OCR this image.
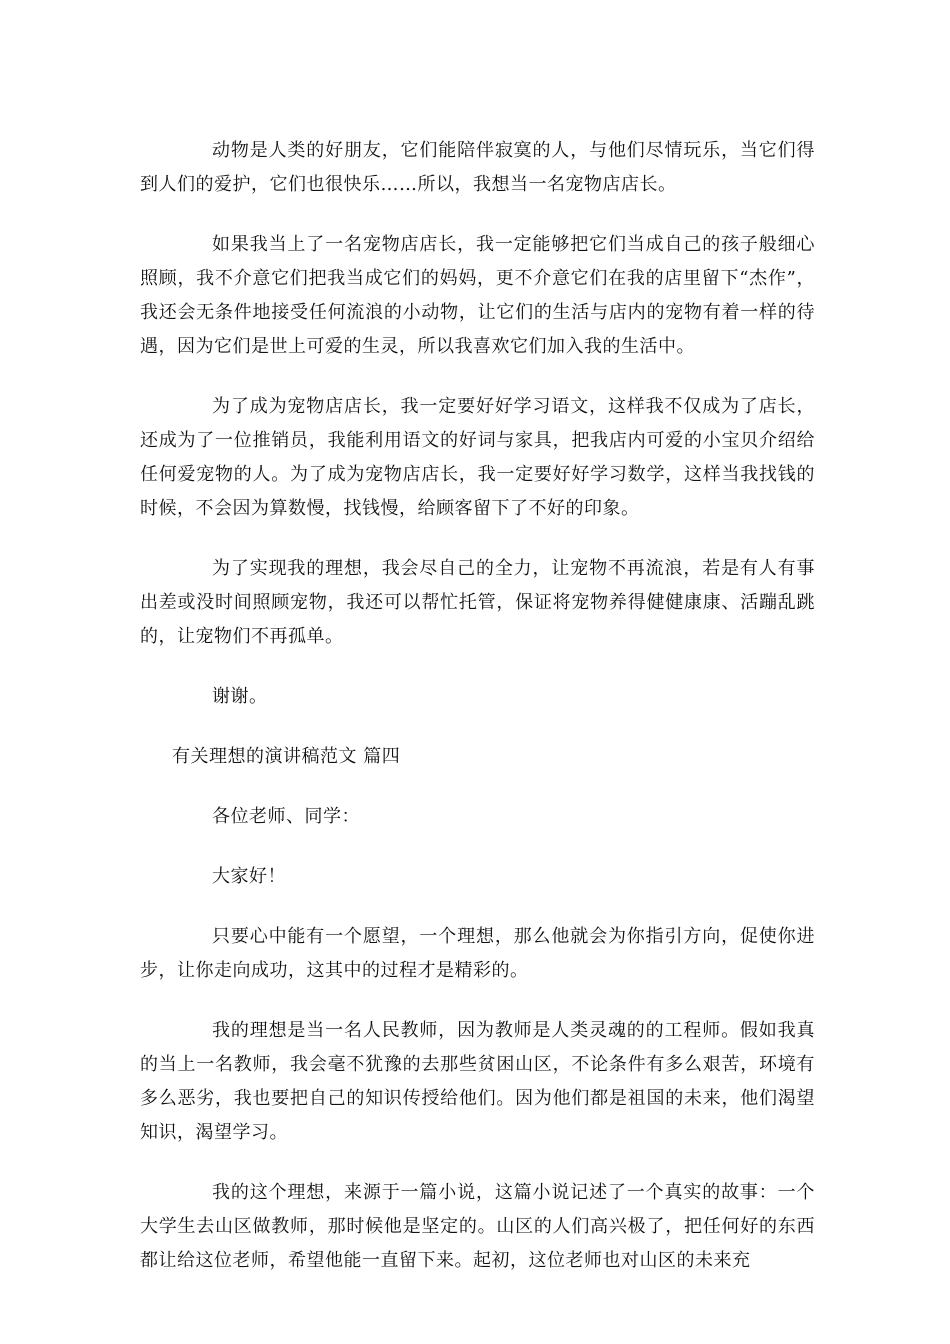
动物是人类的好朋友，它们能陪伴寂寞的人，与他们尽情玩乐，当它们得到人们的爱护，它们也很快乐……所以，我想当一名宠物店店长。

如果我当上了一名宠物店店长，我一定能够把它们当成自己的孩子般细心照顾，我不介意它们把我当成它们的妈妈，更不介意它们在我的店里留下“杰作”，我还会无条件地接受任何流浪的小动物，让它们的生活与店内的宠物有着一样的待遇，因为它们是世上可爱的生灵，所以我喜欢它们加入我的生活中。

为了成为宠物店店长，我一定要好好学习语文，这样我不仅成为了店长，还成为了一位推销员，我能利用语文的好词与家具，把我店内可爱的小宝贝介绍给任何爱宠物的人。为了成为宠物店店长，我一定要好好学习数学，这样当我找钱的时候，不会因为算数慢，找钱慢，给顾客留下了不好的印象。

为了实现我的理想，我会尽自己的全力，让宠物不再流浪，若是有人有事出差或没时间照顾宠物，我还可以帮忙托管，保证将宠物养得健健康康、活蹦乱跳的，让宠物们不再孤单。

谢谢。

有关理想的演讲稿范文 篇四

各位老师、同学：

大家好！

只要心中能有一个愿望，一个理想，那么他就会为你指引方向，促使你进步，让你走向成功，这其中的过程才是精彩的。

我的理想是当一名人民教师，因为教师是人类灵魂的的工程师。假如我真的当上一名教师，我会毫不犹豫的去那些贫困山区，不论条件有多么艰苦，环境有多么恶劣，我也要把自己的知识传授给他们。因为他们都是祖国的未来，他们渴望知识，渴望学习。

我的这个理想，来源于一篇小说，这篇小说记述了一个真实的故事：一个大学生去山区做教师，那时候他是坚定的。山区的人们高兴极了，把任何好的东西都让给这位老师，希望他能一直留下来。起初，这位老师也对山区的未来充
